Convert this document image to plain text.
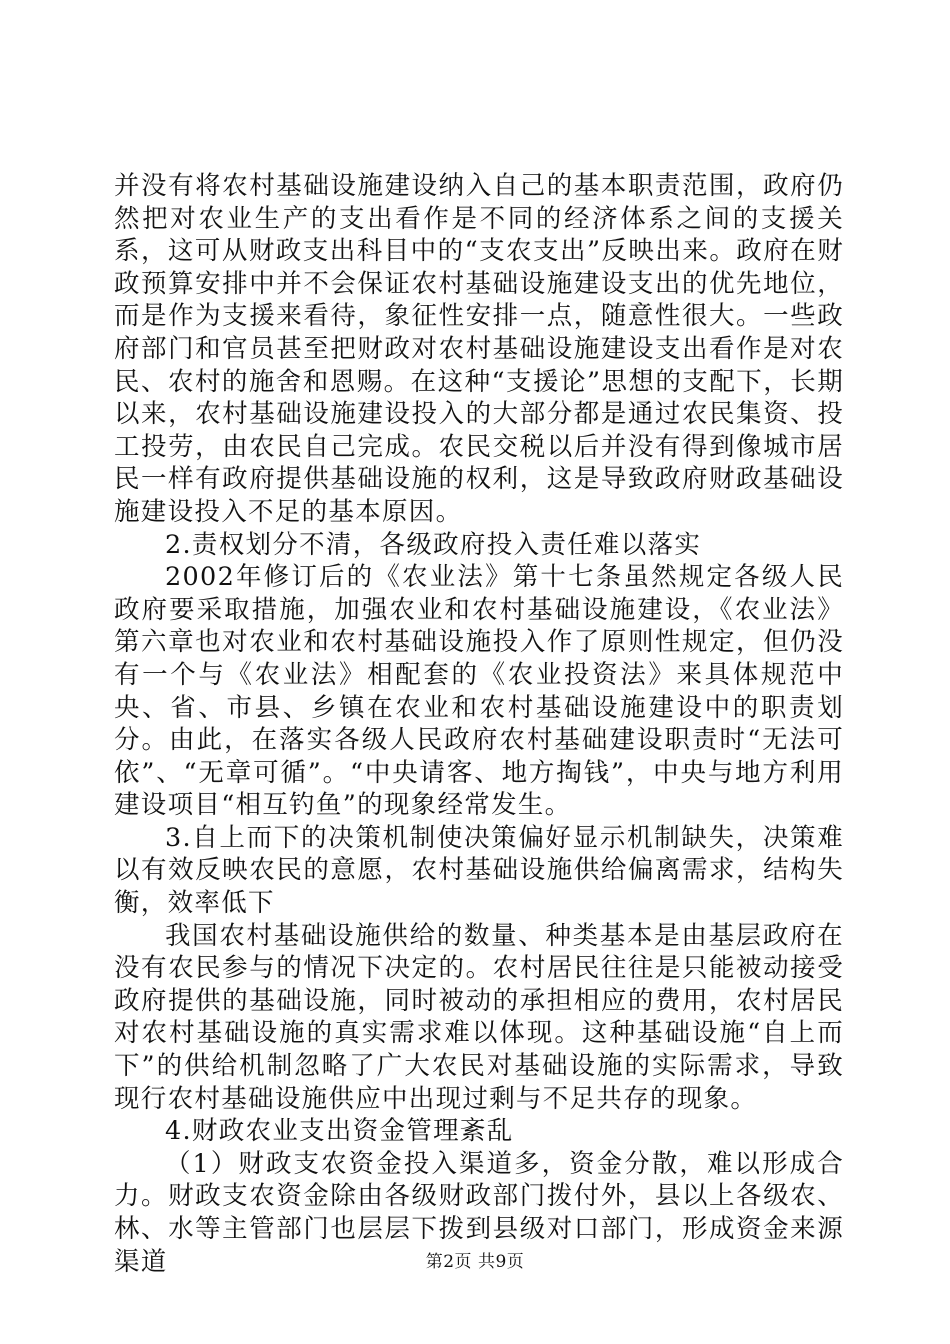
并没有将农村基础设施建设纳入自己的基本职责范围，政府仍然把对农业生产的支出看作是不同的经济体系之间的支援关系，这可从财政支出科目中的“支农支出”反映出来。政府在财政预算安排中并不会保证农村基础设施建设支出的优先地位，而是作为支援来看待，象征性安排一点，随意性很大。一些政府部门和官员甚至把财政对农村基础设施建设支出看作是对农民、农村的施舍和恩赐。在这种“支援论”思想的支配下，长期以来，农村基础设施建设投入的大部分都是通过农民集资、投工投劳，由农民自己完成。农民交税以后并没有得到像城市居民一样有政府提供基础设施的权利，这是导致政府财政基础设施建设投入不足的基本原因。

2.责权划分不清，各级政府投入责任难以落实

2002年修订后的《农业法》第十七条虽然规定各级人民政府要采取措施，加强农业和农村基础设施建设，《农业法》第六章也对农业和农村基础设施投入作了原则性规定，但仍没有一个与《农业法》相配套的《农业投资法》来具体规范中央、省、市县、乡镇在农业和农村基础设施建设中的职责划分。由此，在落实各级人民政府农村基础建设职责时“无法可依”、“无章可循”。“中央请客、地方掏钱”，中央与地方利用建设项目“相互钓鱼”的现象经常发生。

3.自上而下的决策机制使决策偏好显示机制缺失，决策难以有效反映农民的意愿，农村基础设施供给偏离需求，结构失衡，效率低下

我国农村基础设施供给的数量、种类基本是由基层政府在没有农民参与的情况下决定的。农村居民往往是只能被动接受政府提供的基础设施，同时被动的承担相应的费用，农村居民对农村基础设施的真实需求难以体现。这种基础设施“自上而下”的供给机制忽略了广大农民对基础设施的实际需求，导致现行农村基础设施供应中出现过剩与不足共存的现象。

4.财政农业支出资金管理紊乱

（1）财政支农资金投入渠道多，资金分散，难以形成合力。财政支农资金除由各级财政部门拨付外，县以上各级农、林、水等主管部门也层层下拨到县级对口部门，形成资金来源渠道	第2页 共9页
